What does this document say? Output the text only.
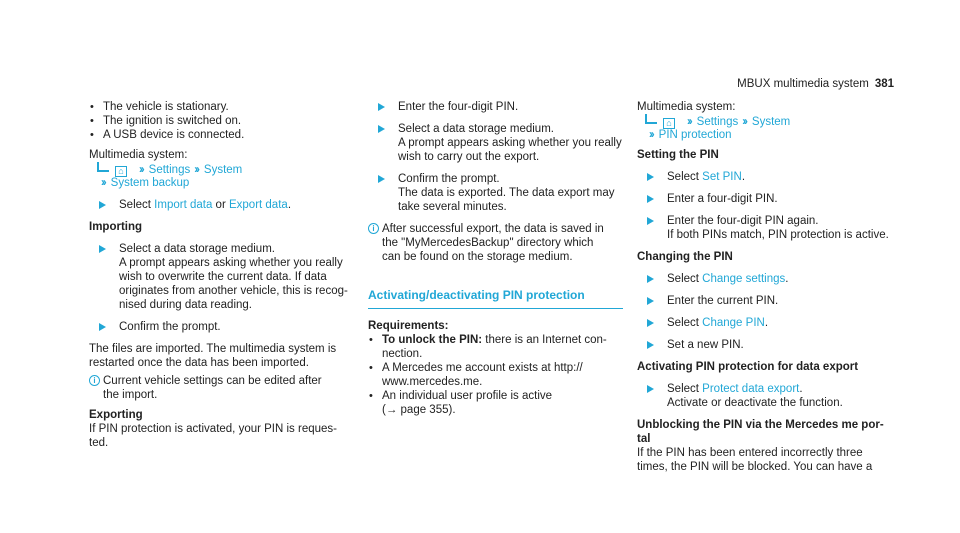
MBUX multimedia system 381
• The vehicle is stationary.
• The ignition is switched on.
• A USB device is connected.
Multimedia system:
⌂ ›› Settings ›› System
›› System backup
Select Import data or Export data.
Importing
Select a data storage medium.
A prompt appears asking whether you really
wish to overwrite the current data. If data
originates from another vehicle, this is recog-
nised during data reading.
Confirm the prompt.
The files are imported. The multimedia system is
restarted once the data has been imported.
i Current vehicle settings can be edited after
the import.
Exporting
If PIN protection is activated, your PIN is reques-
ted.
Enter the four-digit PIN.
Select a data storage medium.
A prompt appears asking whether you really
wish to carry out the export.
Confirm the prompt.
The data is exported. The data export may
take several minutes.
i After successful export, the data is saved in
the "MyMercedesBackup" directory which
can be found on the storage medium.
Activating/deactivating PIN protection
Requirements:
• To unlock the PIN: there is an Internet con-
nection.
• A Mercedes me account exists at http://
www.mercedes.me.
• An individual user profile is active
(→ page 355).
Multimedia system:
⌂ ›› Settings ›› System
›› PIN protection
Setting the PIN
Select Set PIN.
Enter a four-digit PIN.
Enter the four-digit PIN again.
If both PINs match, PIN protection is active.
Changing the PIN
Select Change settings.
Enter the current PIN.
Select Change PIN.
Set a new PIN.
Activating PIN protection for data export
Select Protect data export.
Activate or deactivate the function.
Unblocking the PIN via the Mercedes me por-
tal
If the PIN has been entered incorrectly three
times, the PIN will be blocked. You can have a
